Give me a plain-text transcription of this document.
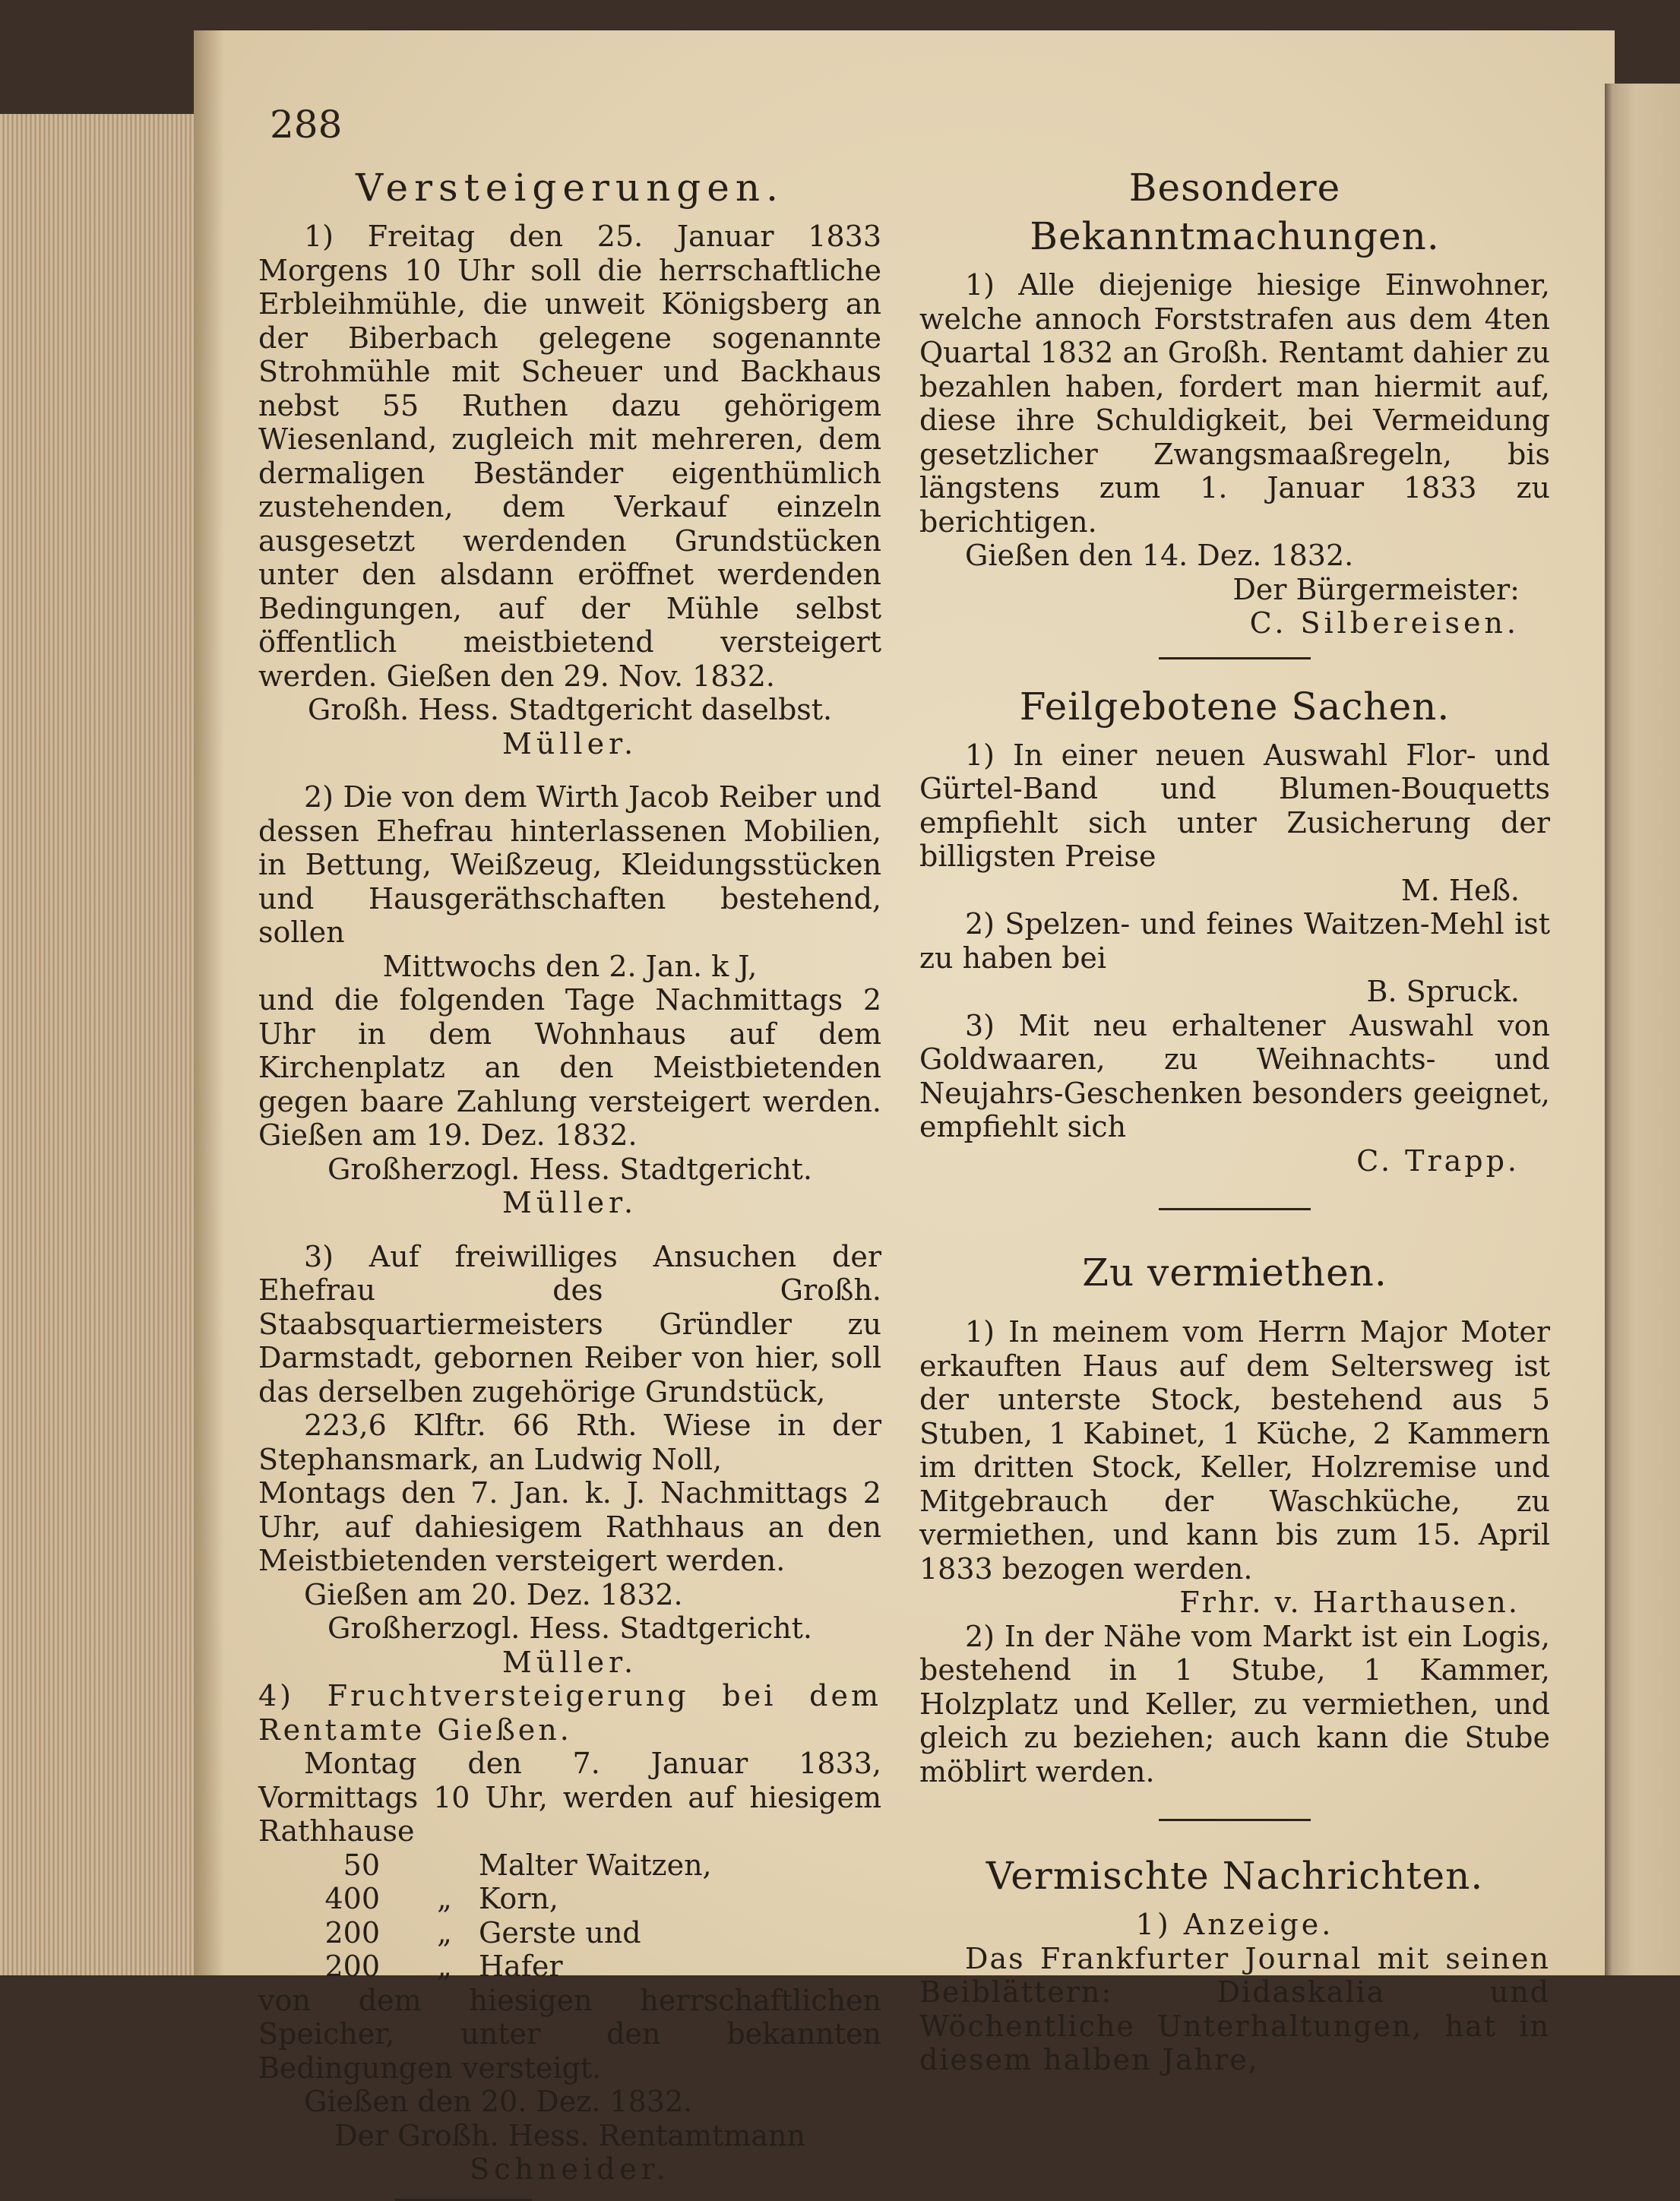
288
Versteigerungen.

1) Freitag den 25. Januar 1833 Morgens 10 Uhr soll die herrschaftliche Erbleihmühle, die unweit Königsberg an der Biberbach gelegene sogenannte Strohmühle mit Scheuer und Backhaus nebst 55 Ruthen dazu gehörigem Wiesenland, zugleich mit mehreren, dem dermaligen Beständer eigenthümlich zustehenden, dem Verkauf einzeln ausgesetzt werdenden Grundstücken unter den alsdann eröffnet werdenden Bedingungen, auf der Mühle selbst öffentlich meistbietend versteigert werden. Gießen den 29. Nov. 1832.

Großh. Hess. Stadtgericht daselbst.

Müller.

2) Die von dem Wirth Jacob Reiber und dessen Ehefrau hinterlassenen Mobilien, in Bettung, Weißzeug, Kleidungsstücken und Hausgeräthschaften bestehend, sollen

Mittwochs den 2. Jan. k J,

und die folgenden Tage Nachmittags 2 Uhr in dem Wohnhaus auf dem Kirchenplatz an den Meistbietenden gegen baare Zahlung versteigert werden. Gießen am 19. Dez. 1832.

Großherzogl. Hess. Stadtgericht.

Müller.

3) Auf freiwilliges Ansuchen der Ehefrau des Großh. Staabsquartiermeisters Gründler zu Darmstadt, gebornen Reiber von hier, soll das derselben zugehörige Grundstück,

223,6 Klftr. 66 Rth. Wiese in der Stephansmark, an Ludwig Noll,

Montags den 7. Jan. k. J. Nachmittags 2 Uhr, auf dahiesigem Rathhaus an den Meistbietenden versteigert werden.

Gießen am 20. Dez. 1832.

Großherzogl. Hess. Stadtgericht.

Müller.

4) Fruchtversteigerung bei dem Rentamte Gießen.

Montag den 7. Januar 1833, Vormittags 10 Uhr, werden auf hiesigem Rathhause

50	Malter Waitzen,
400	„ Korn,
200	„ Gerste und
200	„ Hafer

von dem hiesigen herrschaftlichen Speicher, unter den bekannten Bedingungen versteigt.

Gießen den 20. Dez. 1832.

Der Großh. Hess. Rentamtmann

Schneider.

Besondere Bekanntmachungen.

1) Alle diejenige hiesige Einwohner, welche annoch Forststrafen aus dem 4ten Quartal 1832 an Großh. Rentamt dahier zu bezahlen haben, fordert man hiermit auf, diese ihre Schuldigkeit, bei Vermeidung gesetzlicher Zwangsmaaßregeln, bis längstens zum 1. Januar 1833 zu berichtigen.

Gießen den 14. Dez. 1832.

Der Bürgermeister:

C. Silbereisen.

Feilgebotene Sachen.

1) In einer neuen Auswahl Flor- und Gürtel-Band und Blumen-Bouquetts empfiehlt sich unter Zusicherung der billigsten Preise

M. Heß.

2) Spelzen- und feines Waitzen-Mehl ist zu haben bei

B. Spruck.

3) Mit neu erhaltener Auswahl von Goldwaaren, zu Weihnachts- und Neujahrs-Geschenken besonders geeignet, empfiehlt sich

C. Trapp.

Zu vermiethen.

1) In meinem vom Herrn Major Moter erkauften Haus auf dem Seltersweg ist der unterste Stock, bestehend aus 5 Stuben, 1 Kabinet, 1 Küche, 2 Kammern im dritten Stock, Keller, Holzremise und Mitgebrauch der Waschküche, zu vermiethen, und kann bis zum 15. April 1833 bezogen werden.

Frhr. v. Harthausen.

2) In der Nähe vom Markt ist ein Logis, bestehend in 1 Stube, 1 Kammer, Holzplatz und Keller, zu vermiethen, und gleich zu beziehen; auch kann die Stube möblirt werden.

Vermischte Nachrichten.

1) Anzeige.

Das Frankfurter Journal mit seinen Beiblättern: Didaskalia und Wöchentliche Unterhaltungen, hat in diesem halben Jahre,
